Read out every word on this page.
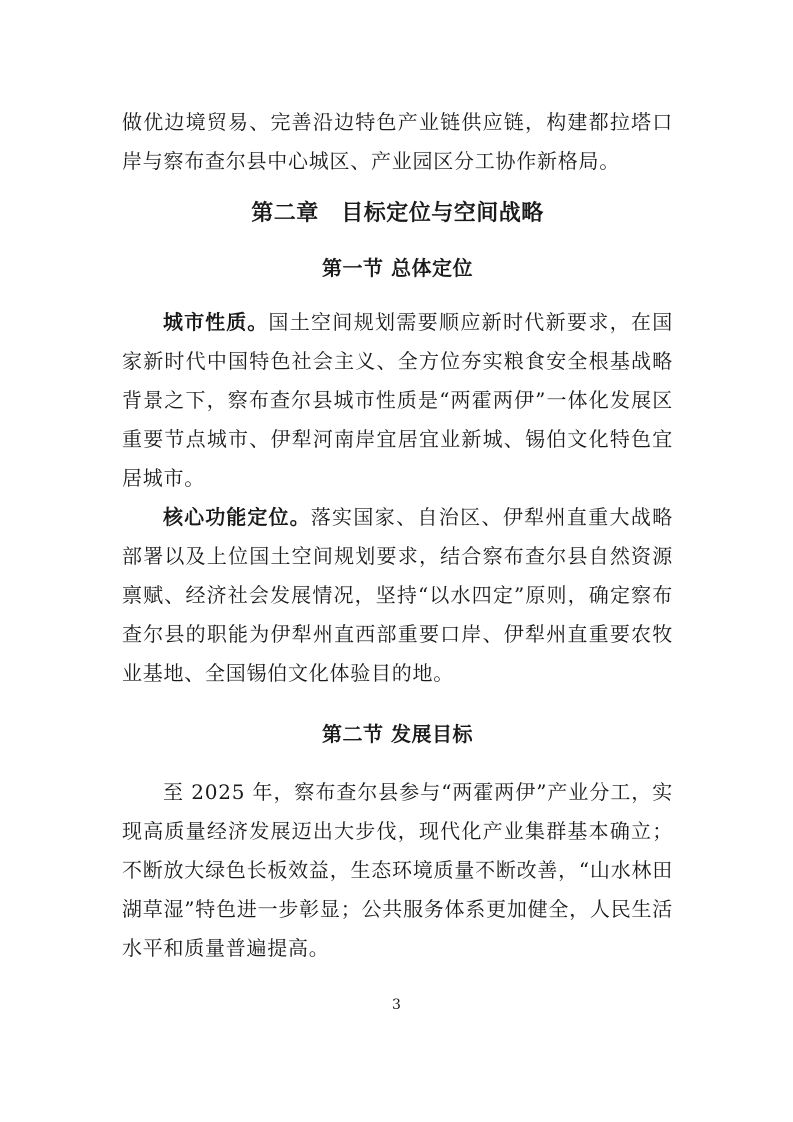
做优边境贸易、完善沿边特色产业链供应链，构建都拉塔口岸与察布查尔县中心城区、产业园区分工协作新格局。

第二章　目标定位与空间战略
第一节 总体定位

城市性质。国土空间规划需要顺应新时代新要求，在国家新时代中国特色社会主义、全方位夯实粮食安全根基战略背景之下，察布查尔县城市性质是“两霍两伊”一体化发展区重要节点城市、伊犁河南岸宜居宜业新城、锡伯文化特色宜居城市。

核心功能定位。落实国家、自治区、伊犁州直重大战略部署以及上位国土空间规划要求，结合察布查尔县自然资源禀赋、经济社会发展情况，坚持“以水四定”原则，确定察布查尔县的职能为伊犁州直西部重要口岸、伊犁州直重要农牧业基地、全国锡伯文化体验目的地。

第二节 发展目标

至 2025 年，察布查尔县参与“两霍两伊”产业分工，实现高质量经济发展迈出大步伐，现代化产业集群基本确立；不断放大绿色长板效益，生态环境质量不断改善，“山水林田湖草湿”特色进一步彰显；公共服务体系更加健全，人民生活水平和质量普遍提高。

3
